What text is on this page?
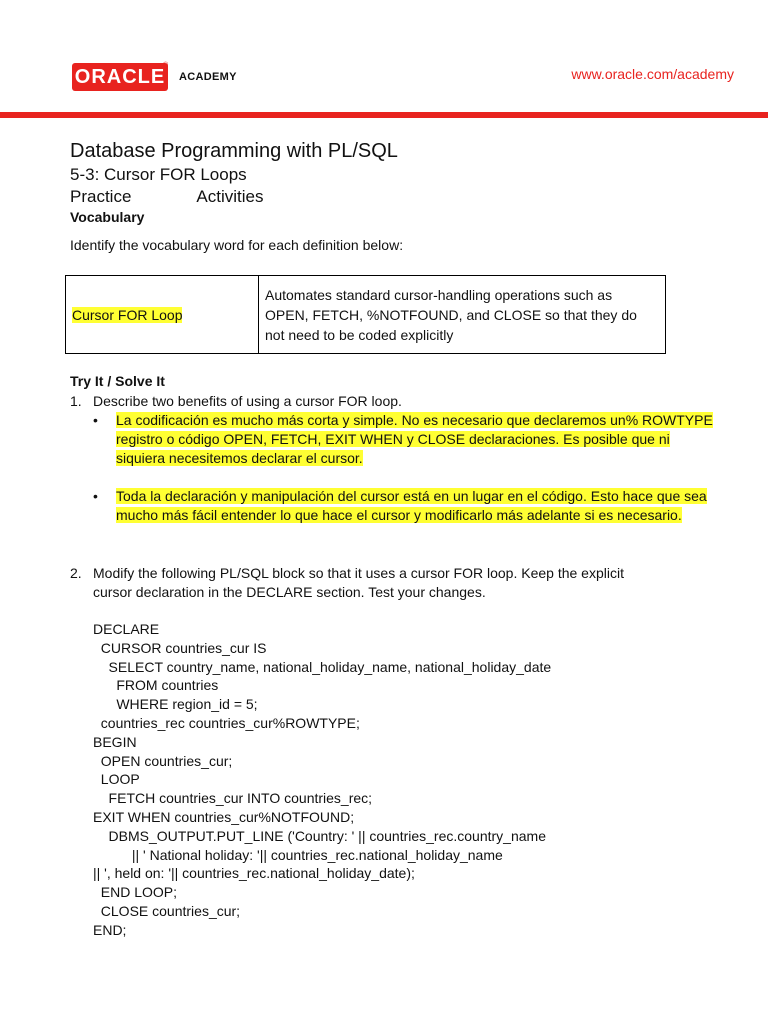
ORACLE
®
ACADEMY	www.oracle.com/academy
Database Programming with PL/SQL
5-3: Cursor FOR Loops
Practice	Activities
Vocabulary
Identify the vocabulary word for each definition below:
Cursor FOR Loop	Automates standard cursor-handling operations such as OPEN, FETCH, %NOTFOUND, and CLOSE so that they do not need to be coded explicitly
Try It / Solve It
1. Describe two benefits of using a cursor FOR loop.
• La codificación es mucho más corta y simple. No es necesario que declaremos un% ROWTYPE registro o código OPEN, FETCH, EXIT WHEN y CLOSE declaraciones. Es posible que ni siquiera necesitemos declarar el cursor.
• Toda la declaración y manipulación del cursor está en un lugar en el código. Esto hace que sea mucho más fácil entender lo que hace el cursor y modificarlo más adelante si es necesario.
2. Modify the following PL/SQL block so that it uses a cursor FOR loop. Keep the explicit
cursor declaration in the DECLARE section. Test your changes.
DECLARE
CURSOR countries_cur IS
SELECT country_name, national_holiday_name, national_holiday_date
FROM countries
WHERE region_id = 5;
countries_rec countries_cur%ROWTYPE;
BEGIN
OPEN countries_cur;
LOOP
FETCH countries_cur INTO countries_rec;
EXIT WHEN countries_cur%NOTFOUND;
DBMS_OUTPUT.PUT_LINE ('Country: ' || countries_rec.country_name
|| ' National holiday: '|| countries_rec.national_holiday_name
|| ', held on: '|| countries_rec.national_holiday_date);
END LOOP;
CLOSE countries_cur;
END;
